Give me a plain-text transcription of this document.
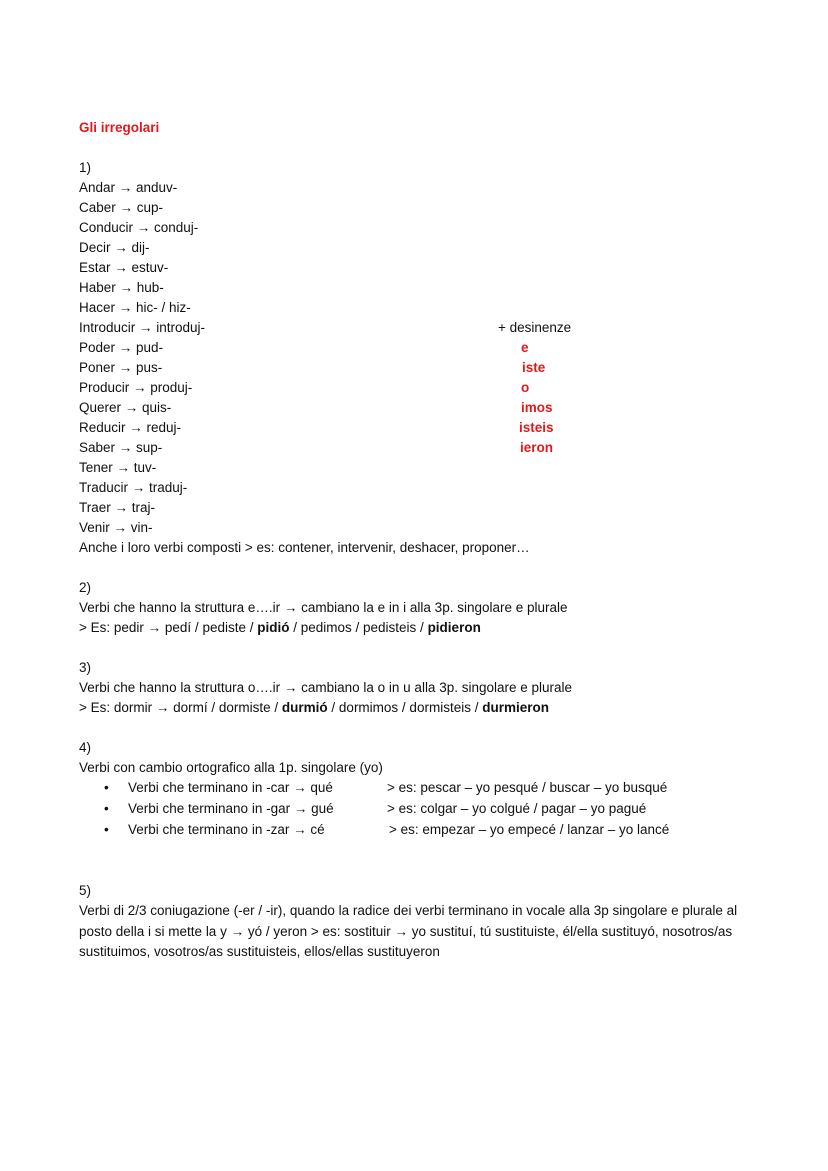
Gli irregolari
1)
Andar → anduv-
Caber → cup-
Conducir → conduj-
Decir → dij-
Estar → estuv-
Haber → hub-
Hacer → hic- / hiz-
Introducir → introduj-
Poder → pud-
Poner → pus-
Producir → produj-
Querer → quis-
Reducir → reduj-
Saber → sup-
Tener → tuv-
Traducir → traduj-
Traer → traj-
Venir → vin-
+ desinenze
e
iste
o
imos
isteis
ieron
Anche i loro verbi composti > es: contener, intervenir, deshacer, proponer…
2)
Verbi che hanno la struttura e….ir → cambiano la e in i alla 3p. singolare e plurale
> Es: pedir → pedí / pediste / pidió / pedimos / pedisteis / pidieron
3)
Verbi che hanno la struttura o….ir → cambiano la o in u alla 3p. singolare e plurale
> Es: dormir → dormí / dormiste / durmió / dormimos / dormisteis / durmieron
4)
Verbi con cambio ortografico alla 1p. singolare (yo)
• Verbi che terminano in -car → qué	> es: pescar – yo pesqué / buscar – yo busqué
• Verbi che terminano in -gar → gué	> es: colgar – yo colgué / pagar – yo pagué
• Verbi che terminano in -zar → cé	> es: empezar – yo empecé / lanzar – yo lancé
5)
Verbi di 2/3 coniugazione (-er / -ir), quando la radice dei verbi terminano in vocale alla 3p singolare e plurale al posto della i si mette la y → yó / yeron > es: sostituir → yo sustituí, tú sustituiste, él/ella sustituyó, nosotros/as sustituimos, vosotros/as sustituisteis, ellos/ellas sustituyeron
